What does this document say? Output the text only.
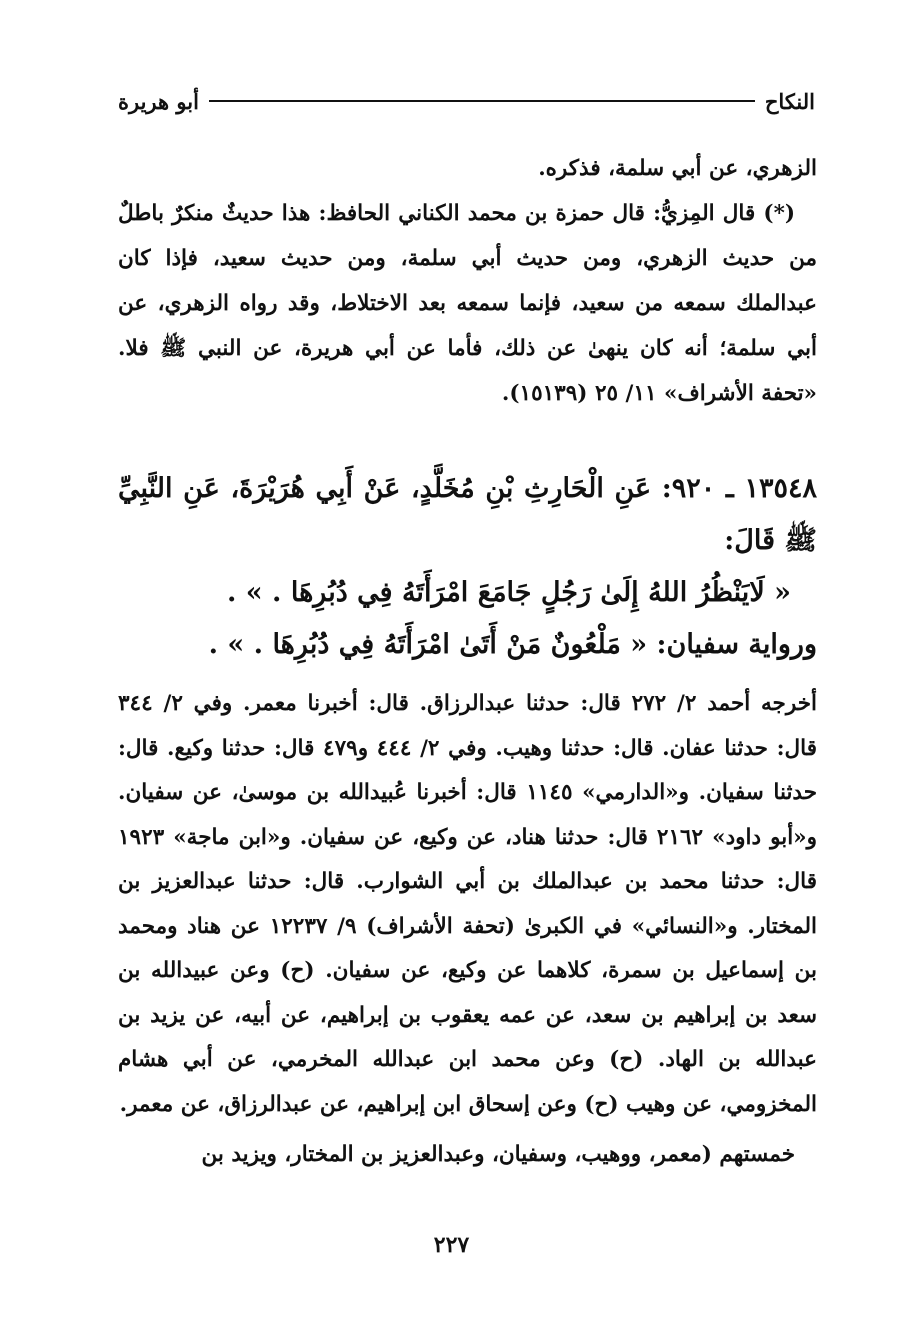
النكاح
أبو هريرة

الزهري، عن أبي سلمة، فذكره.

(*) قال المِزيُّ: قال حمزة بن محمد الكناني الحافظ: هذا حديثٌ منكرٌ باطلٌ من حديث الزهري، ومن حديث أبي سلمة، ومن حديث سعيد، فإذا كان عبدالملك سمعه من سعيد، فإنما سمعه بعد الاختلاط، وقد رواه الزهري، عن أبي سلمة؛ أنه كان ينهىٰ عن ذلك، فأما عن أبي هريرة، عن النبي ﷺ فلا. «تحفة الأشراف» ١١/ ٢٥ (١٥١٣٩).

١٣٥٤٨ ـ ٩٢٠: عَنِ الْحَارِثِ بْنِ مُخَلَّدٍ، عَنْ أَبِي هُرَيْرَةَ، عَنِ النَّبِيِّ ﷺ قَالَ:

« لَايَنْظُرُ اللهُ إِلَىٰ رَجُلٍ جَامَعَ امْرَأَتَهُ فِي دُبُرِهَا . » .

ورواية سفيان: « مَلْعُونٌ مَنْ أَتَىٰ امْرَأَتَهُ فِي دُبُرِهَا . » .

أخرجه أحمد ٢/ ٢٧٢ قال: حدثنا عبدالرزاق. قال: أخبرنا معمر. وفي ٢/ ٣٤٤ قال: حدثنا عفان. قال: حدثنا وهيب. وفي ٢/ ٤٤٤ و٤٧٩ قال: حدثنا وكيع. قال: حدثنا سفيان. و«الدارمي» ١١٤٥ قال: أخبرنا عُبيدالله بن موسىٰ، عن سفيان. و«أبو داود» ٢١٦٢ قال: حدثنا هناد، عن وكيع، عن سفيان. و«ابن ماجة» ١٩٢٣ قال: حدثنا محمد بن عبدالملك بن أبي الشوارب. قال: حدثنا عبدالعزيز بن المختار. و«النسائي» في الكبرىٰ (تحفة الأشراف) ٩/ ١٢٢٣٧ عن هناد ومحمد بن إسماعيل بن سمرة، كلاهما عن وكيع، عن سفيان. (ح) وعن عبيدالله بن سعد بن إبراهيم بن سعد، عن عمه يعقوب بن إبراهيم، عن أبيه، عن يزيد بن عبدالله بن الهاد. (ح) وعن محمد ابن عبدالله المخرمي، عن أبي هشام المخزومي، عن وهيب (ح) وعن إسحاق ابن إبراهيم، عن عبدالرزاق، عن معمر.

خمستهم (معمر، ووهيب، وسفيان، وعبدالعزيز بن المختار، ويزيد بن

٢٢٧
